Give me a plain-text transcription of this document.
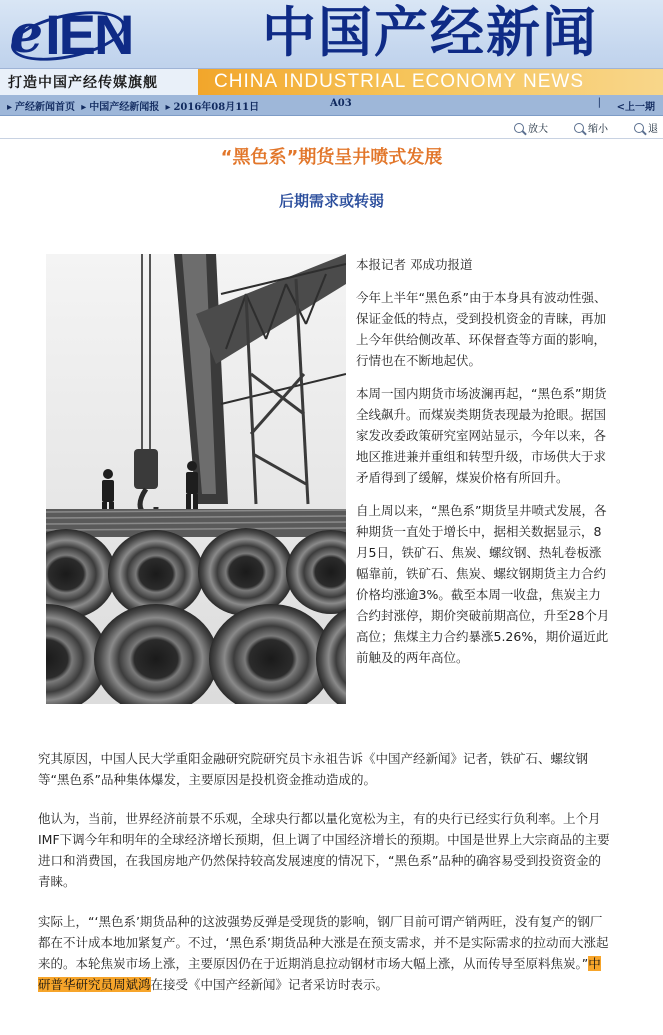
e IEN 中国产经新闻
打造中国产经传媒旗舰	CHINA INDUSTRIAL ECONOMY NEWS
▸ 产经新闻首页 ▸ 中国产经新闻报 ▸ 2016年08月11日	A03	| <上一期
放大	缩小	退
“黑色系”期货呈井喷式发展
后期需求或转弱

本报记者 邓成功报道

今年上半年“黑色系”由于本身具有波动性强、保证金低的特点，受到投机资金的青睐，再加上今年供给侧改革、环保督查等方面的影响，行情也在不断地起伏。

本周一国内期货市场波澜再起，“黑色系”期货全线飙升。而煤炭类期货表现最为抢眼。据国家发改委政策研究室网站显示，今年以来，各地区推进兼并重组和转型升级，市场供大于求矛盾得到了缓解，煤炭价格有所回升。

自上周以来，“黑色系”期货呈井喷式发展，各种期货一直处于增长中，据相关数据显示，8月5日，铁矿石、焦炭、螺纹钢、热轧卷板涨幅靠前，铁矿石、焦炭、螺纹钢期货主力合约价格均涨逾3%。截至本周一收盘，焦炭主力合约封涨停，期价突破前期高位，升至28个月高位；焦煤主力合约暴涨5.26%，期价逼近此前触及的两年高位。

究其原因，中国人民大学重阳金融研究院研究员卞永祖告诉《中国产经新闻》记者，铁矿石、螺纹钢等“黑色系”品种集体爆发，主要原因是投机资金推动造成的。

他认为，当前，世界经济前景不乐观，全球央行都以量化宽松为主，有的央行已经实行负利率。上个月IMF下调今年和明年的全球经济增长预期，但上调了中国经济增长的预期。中国是世界上大宗商品的主要进口和消费国，在我国房地产仍然保持较高发展速度的情况下，“黑色系”品种的确容易受到投资资金的青睐。

实际上，“‘黑色系’期货品种的这波强势反弹是受现货的影响，钢厂目前可谓产销两旺，没有复产的钢厂都在不计成本地加紧复产。不过，‘黑色系’期货品种大涨是在预支需求，并不是实际需求的拉动而大涨起来的。本轮焦炭市场上涨，主要原因仍在于近期消息拉动钢材市场大幅上涨，从而传导至原料焦炭。”中研普华研究员周斌鸿在接受《中国产经新闻》记者采访时表示。
